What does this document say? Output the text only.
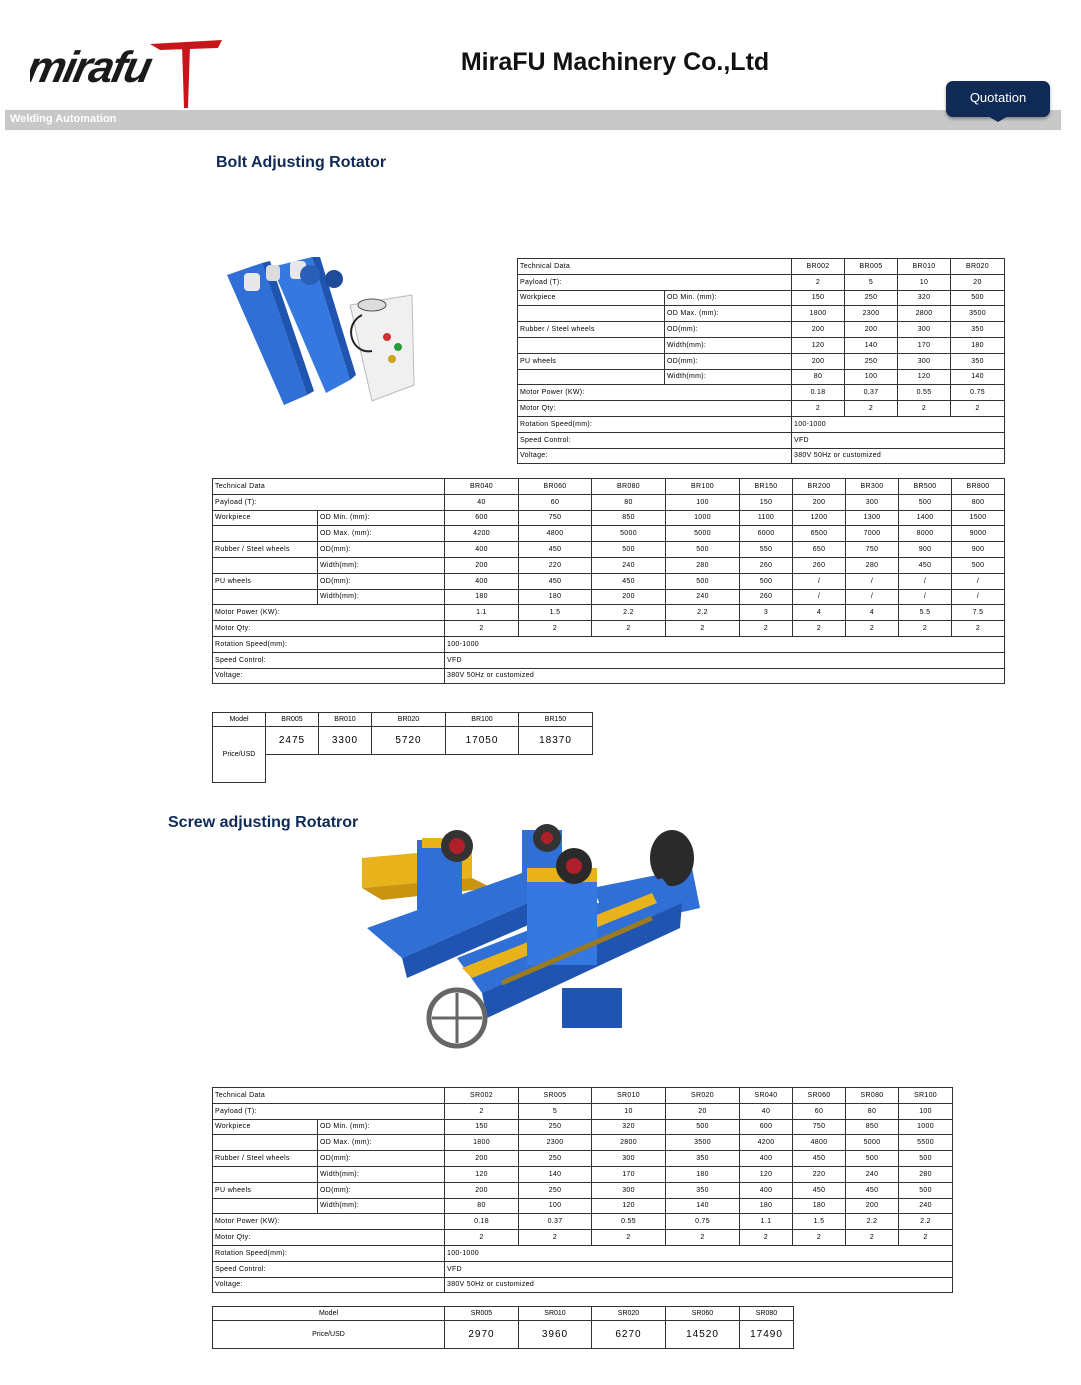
mirafu	MiraFU Machinery Co.,Ltd
Welding Automation
Quotation
Bolt Adjusting Rotator
Technical Data		BR002	BR005	BR010	BR020
Payload (T):		2	5	10	20
Workpiece	OD Min. (mm):	150	250	320	500
	OD Max. (mm):	1800	2300	2800	3500
Rubber / Steel wheels	OD(mm):	200	200	300	350
	Width(mm):	120	140	170	180
PU wheels	OD(mm):	200	250	300	350
	Width(mm):	80	100	120	140
Motor Power (KW):		0.18	0.37	0.55	0.75
Motor Qty:		2	2	2	2
Rotation Speed(mm):		100-1000			
Speed Control:		VFD			
Voltage:		380V 50Hz or customized			
Technical Data		BR040	BR060	BR080	BR100	BR150	BR200	BR300	BR500	BR800
Payload (T):		40	60	80	100	150	200	300	500	800
Workpiece	OD Min. (mm):	600	750	850	1000	1100	1200	1300	1400	1500
	OD Max. (mm):	4200	4800	5000	5000	6000	6500	7000	8000	9000
Rubber / Steel wheels	OD(mm):	400	450	500	500	550	650	750	900	900
	Width(mm):	200	220	240	280	260	260	280	450	500
PU wheels	OD(mm):	400	450	450	500	500	/	/	/	/
	Width(mm):	180	180	200	240	260	/	/	/	/
Motor Power (KW):		1.1	1.5	2.2	2.2	3	4	4	5.5	7.5
Motor Qty:		2	2	2	2	2	2	2	2	2
Rotation Speed(mm):		100-1000								
Speed Control:		VFD								
Voltage:		380V 50Hz or customized								
Model	BR005	BR010	BR020	BR100	BR150
Price/USD	2475	3300	5720	17050	18370

Screw adjusting Rotatror
Technical Data		SR002	SR005	SR010	SR020	SR040	SR060	SR080	SR100
Payload (T):		2	5	10	20	40	60	80	100
Workpiece	OD Min. (mm):	150	250	320	500	600	750	850	1000
	OD Max. (mm):	1800	2300	2800	3500	4200	4800	5000	5500
Rubber / Steel wheels	OD(mm):	200	250	300	350	400	450	500	500
	Width(mm):	120	140	170	180	120	220	240	280
PU wheels	OD(mm):	200	250	300	350	400	450	450	500
	Width(mm):	80	100	120	140	180	180	200	240
Motor Power (KW):		0.18	0.37	0.55	0.75	1.1	1.5	2.2	2.2
Motor Qty:		2	2	2	2	2	2	2	2
Rotation Speed(mm):		100-1000							
Speed Control:		VFD							
Voltage:		380V 50Hz or customized							
Model	SR005	SR010	SR020	SR060	SR080
Price/USD	2970	3960	6270	14520	17490
